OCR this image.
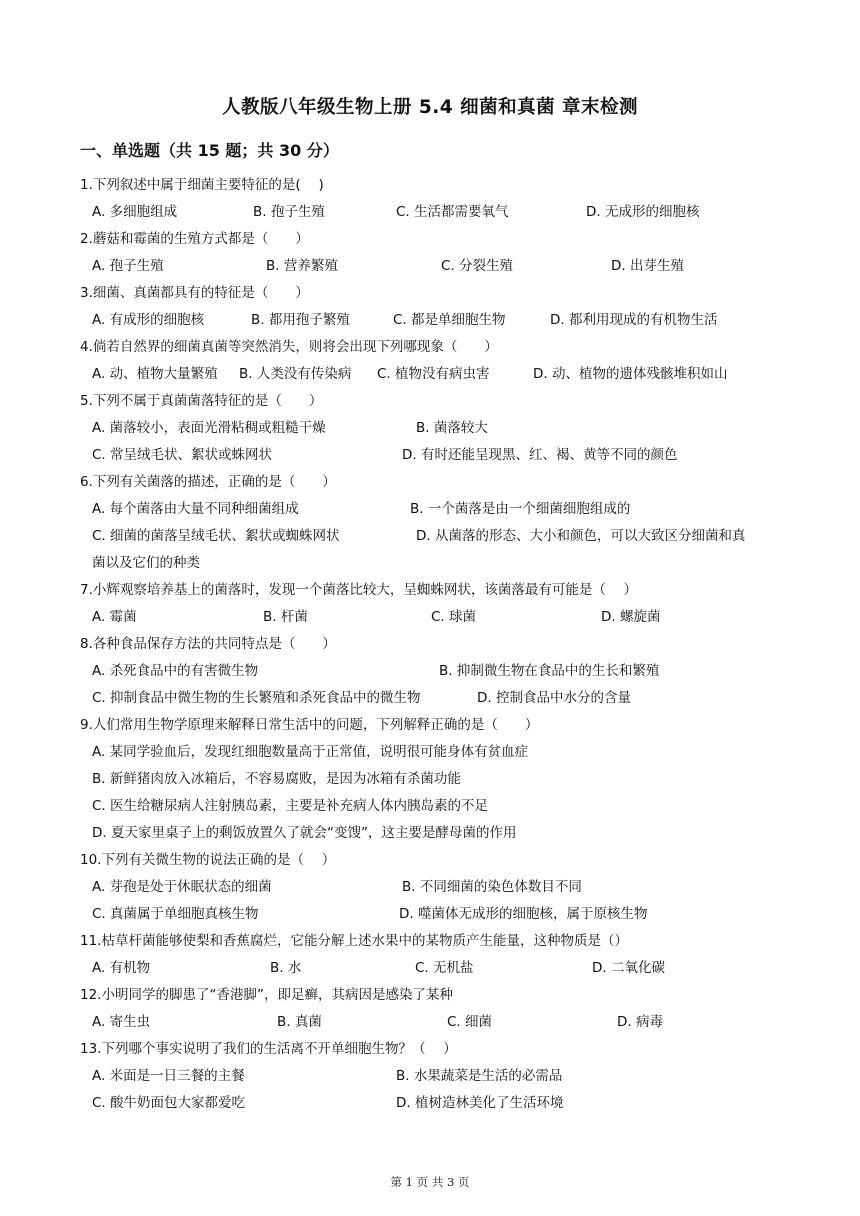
人教版八年级生物上册 5.4 细菌和真菌 章末检测
一、单选题（共 15 题；共 30 分）
1.下列叙述中属于细菌主要特征的是(　 )
A. 多细胞组成	B. 孢子生殖	C. 生活都需要氧气	D. 无成形的细胞核
2.蘑菇和霉菌的生殖方式都是（　　）
A. 孢子生殖	B. 营养繁殖	C. 分裂生殖	D. 出芽生殖
3.细菌、真菌都具有的特征是（　　）
A. 有成形的细胞核	B. 都用孢子繁殖	C. 都是单细胞生物	D. 都利用现成的有机物生活
4.倘若自然界的细菌真菌等突然消失，则将会出现下列哪现象（　　）
A. 动、植物大量繁殖 B. 人类没有传染病 C. 植物没有病虫害	D. 动、植物的遗体残骸堆积如山
5.下列不属于真菌菌落特征的是（　　）
A. 菌落较小，表面光滑粘稠或粗糙干燥	B. 菌落较大
C. 常呈绒毛状、絮状或蛛网状	D. 有时还能呈现黑、红、褐、黄等不同的颜色
6.下列有关菌落的描述，正确的是（　　）
A. 每个菌落由大量不同种细菌组成	B. 一个菌落是由一个细菌细胞组成的
C. 细菌的菌落呈绒毛状、絮状或蜘蛛网状	D. 从菌落的形态、大小和颜色，可以大致区分细菌和真
菌以及它们的种类
7.小辉观察培养基上的菌落时，发现一个菌落比较大，呈蜘蛛网状，该菌落最有可能是（　 ）
A. 霉菌	B. 杆菌	C. 球菌	D. 螺旋菌
8.各种食品保存方法的共同特点是（　　）
A. 杀死食品中的有害微生物	B. 抑制微生物在食品中的生长和繁殖
C. 抑制食品中微生物的生长繁殖和杀死食品中的微生物	D. 控制食品中水分的含量
9.人们常用生物学原理来解释日常生活中的问题，下列解释正确的是（　　）
A. 某同学验血后，发现红细胞数量高于正常值，说明很可能身体有贫血症
B. 新鲜猪肉放入冰箱后，不容易腐败，是因为冰箱有杀菌功能
C. 医生给糖尿病人注射胰岛素，主要是补充病人体内胰岛素的不足
D. 夏天家里桌子上的剩饭放置久了就会“变馊”，这主要是酵母菌的作用
10.下列有关微生物的说法正确的是（　 ）
A. 芽孢是处于休眠状态的细菌	B. 不同细菌的染色体数目不同
C. 真菌属于单细胞真核生物	D. 噬菌体无成形的细胞核，属于原核生物
11.枯草杆菌能够使梨和香蕉腐烂，它能分解上述水果中的某物质产生能量，这种物质是（）
A. 有机物	B. 水	C. 无机盐	D. 二氧化碳
12.小明同学的脚患了“香港脚”，即足癣，其病因是感染了某种
A. 寄生虫	B. 真菌	C. 细菌	D. 病毒
13.下列哪个事实说明了我们的生活离不开单细胞生物？（　 ）
A. 米面是一日三餐的主餐	B. 水果蔬菜是生活的必需品
C. 酸牛奶面包大家都爱吃	D. 植树造林美化了生活环境
第 1 页 共 3 页
